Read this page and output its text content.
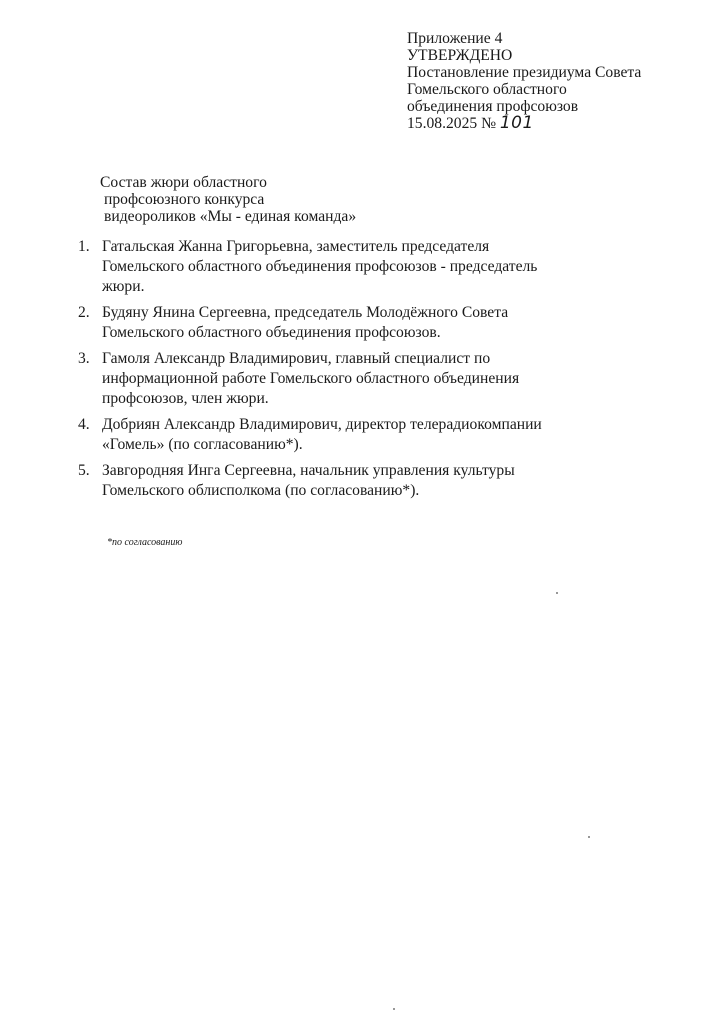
Приложение 4
УТВЕРЖДЕНО
Постановление президиума Совета
Гомельского областного
объединения профсоюзов
15.08.2025 № 101
Состав жюри областного
профсоюзного конкурса
видеороликов «Мы - единая команда»
1. Гатальская Жанна Григорьевна, заместитель председателя
Гомельского областного объединения профсоюзов - председатель
жюри.
2. Будяну Янина Сергеевна, председатель Молодёжного Совета
Гомельского областного объединения профсоюзов.
3. Гамоля Александр Владимирович, главный специалист по
информационной работе Гомельского областного объединения
профсоюзов, член жюри.
4. Добриян Александр Владимирович, директор телерадиокомпании
«Гомель» (по согласованию*).
5. Завгородняя Инга Сергеевна, начальник управления культуры
Гомельского облисполкома (по согласованию*).
*по согласованию
